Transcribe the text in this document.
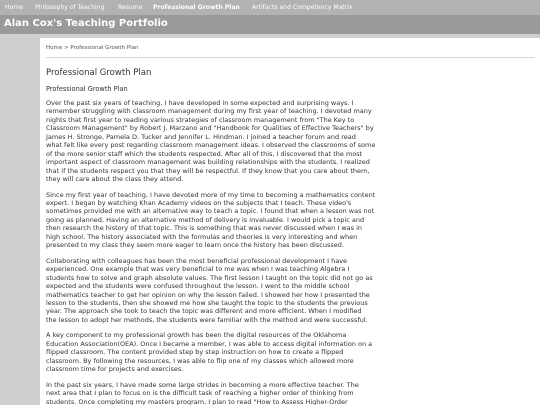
Home Philosophy of Teaching Resume Professional Growth Plan Artifacts and Competency Matrix
Alan Cox's Teaching Portfolio
Home > Professional Growth Plan
Professional Growth Plan
Professional Growth Plan
Over the past six years of teaching, I have developed in some expected and surprising ways. I
remember struggling with classroom management during my first year of teaching. I devoted many
nights that first year to reading various strategies of classroom management from "The Key to
Classroom Management" by Robert J. Marzano and "Handbook for Qualities of Effective Teachers" by
James H. Stronge, Pamela D. Tucker and Jennifer L. Hindman. I joined a teacher forum and read
what felt like every post regarding classroom management ideas. I observed the classrooms of some
of the more senior staff which the students respected. After all of this, I discovered that the most
important aspect of classroom management was building relationships with the students. I realized
that if the students respect you that they will be respectful. If they know that you care about them,
they will care about the class they attend.
Since my first year of teaching, I have devoted more of my time to becoming a mathematics content
expert. I began by watching Khan Academy videos on the subjects that I teach. These video's
sometimes provided me with an alternative way to teach a topic. I found that when a lesson was not
going as planned, Having an alternative method of delivery is invaluable. I would pick a topic and
then research the history of that topic. This is something that was never discussed when I was in
high school. The history associated with the formulas and theories is very interesting and when
presented to my class they seem more eager to learn once the history has been discussed.
Collaborating with colleagues has been the most beneficial professional development I have
experienced. One example that was very beneficial to me was when I was teaching Algebra I
students how to solve and graph absolute values. The first lesson I taught on the topic did not go as
expected and the students were confused throughout the lesson. I went to the middle school
mathematics teacher to get her opinion on why the lesson failed. I showed her how I presented the
lesson to the students, then she showed me how she taught the topic to the students the previous
year. The approach she took to teach the topic was different and more efficient. When I modified
the lesson to adopt her methods, the students were familiar with the method and were successful.
A key component to my professional growth has been the digital resources of the Oklahoma
Education Association(OEA). Once I became a member, I was able to access digital information on a
flipped classroom. The content provided step by step instruction on how to create a flipped
classroom. By following the resources, I was able to flip one of my classes which allowed more
classroom time for projects and exercises.
In the past six years, I have made some large strides in becoming a more effective teacher. The
next area that I plan to focus on is the difficult task of reaching a higher order of thinking from
students. Once completing my masters program, I plan to read "How to Assess Higher-Order
